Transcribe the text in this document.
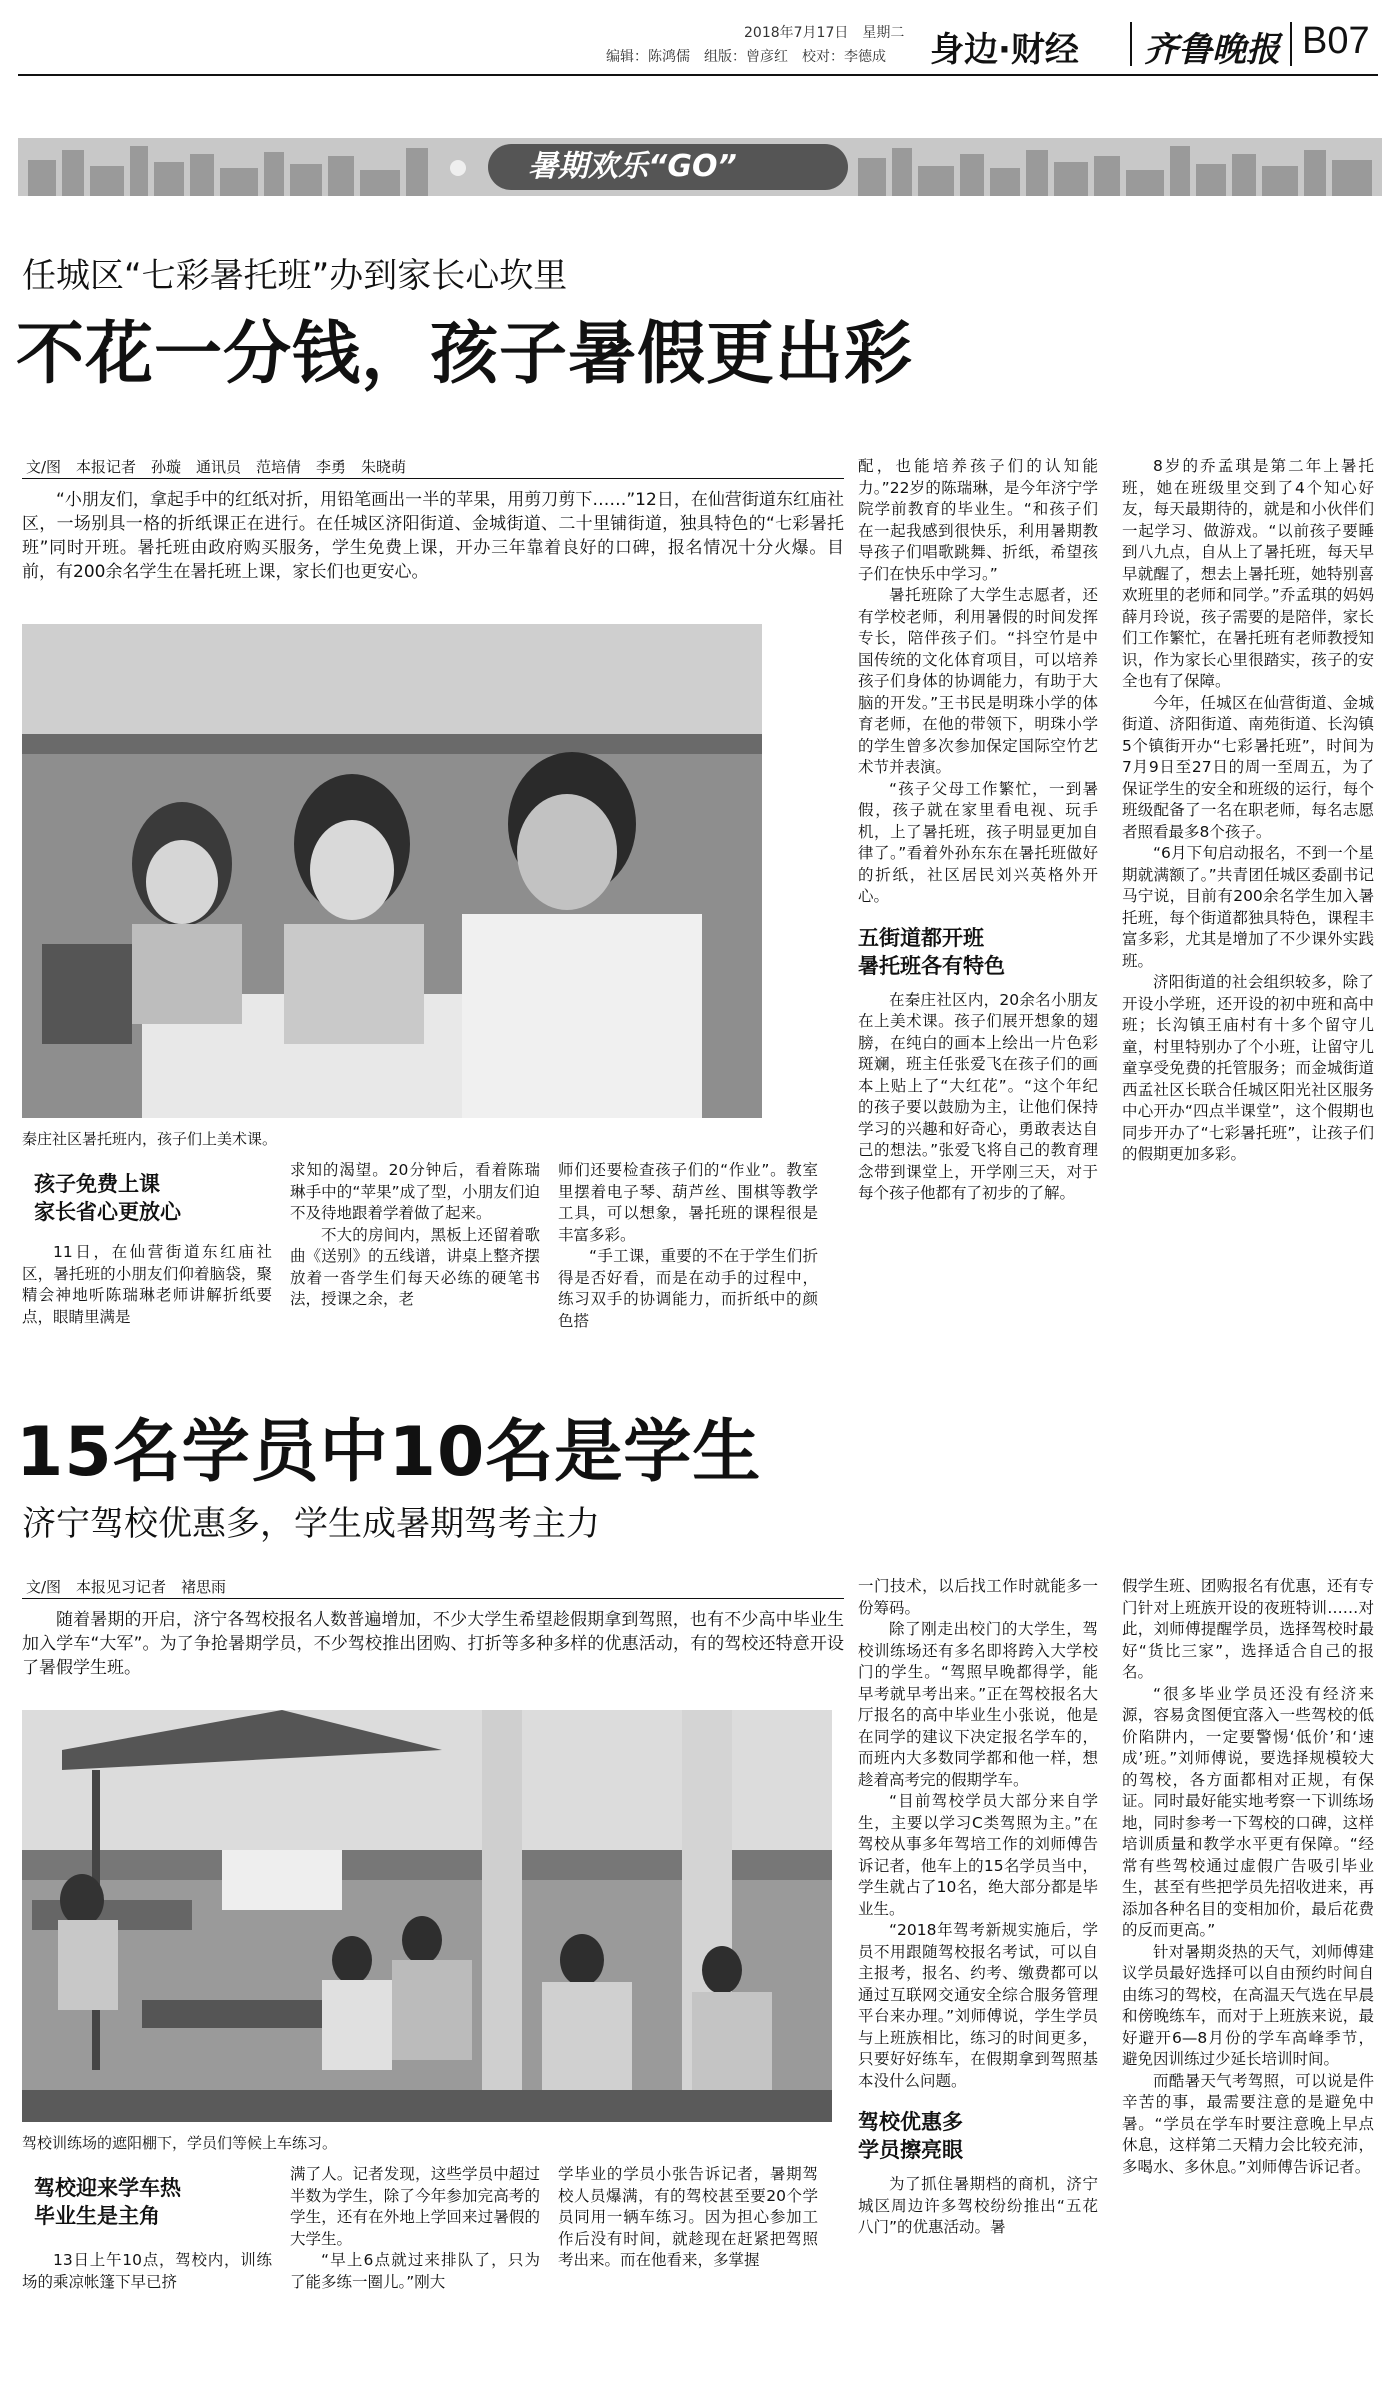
2018年7月17日　 星期二
编辑：陈鸿儒　组版：曾彦红　校对：李德成 身边·财经 齐鲁晚报 B07
暑期欢乐“GO”
任城区“七彩暑托班”办到家长心坎里
不花一分钱，孩子暑假更出彩
文/图　本报记者　孙璇　通讯员　范培倩　李勇　朱晓萌

“小朋友们，拿起手中的红纸对折，用铅笔画出一半的苹果，用剪刀剪下……”12日，在仙营街道东红庙社区，一场别具一格的折纸课正在进行。在任城区济阳街道、金城街道、二十里铺街道，独具特色的“七彩暑托班”同时开班。暑托班由政府购买服务，学生免费上课，开办三年靠着良好的口碑，报名情况十分火爆。目前，有200余名学生在暑托班上课，家长们也更安心。

秦庄社区暑托班内，孩子们上美术课。
孩子免费上课
家长省心更放心

11日，在仙营街道东红庙社区，暑托班的小朋友们仰着脑袋，聚精会神地听陈瑞琳老师讲解折纸要点，眼睛里满是

求知的渴望。20分钟后，看着陈瑞琳手中的“苹果”成了型，小朋友们迫不及待地跟着学着做了起来。

不大的房间内，黑板上还留着歌曲《送别》的五线谱，讲桌上整齐摆放着一沓学生们每天必练的硬笔书法，授课之余，老

师们还要检查孩子们的“作业”。教室里摆着电子琴、葫芦丝、围棋等教学工具，可以想象，暑托班的课程很是丰富多彩。

“手工课，重要的不在于学生们折得是否好看，而是在动手的过程中，练习双手的协调能力，而折纸中的颜色搭

配，也能培养孩子们的认知能力。”22岁的陈瑞琳，是今年济宁学院学前教育的毕业生。“和孩子们在一起我感到很快乐，利用暑期教导孩子们唱歌跳舞、折纸，希望孩子们在快乐中学习。”

暑托班除了大学生志愿者，还有学校老师，利用暑假的时间发挥专长，陪伴孩子们。“抖空竹是中国传统的文化体育项目，可以培养孩子们身体的协调能力，有助于大脑的开发。”王书民是明珠小学的体育老师，在他的带领下，明珠小学的学生曾多次参加保定国际空竹艺术节并表演。

“孩子父母工作繁忙，一到暑假，孩子就在家里看电视、玩手机，上了暑托班，孩子明显更加自律了。”看着外孙东东在暑托班做好的折纸，社区居民刘兴英格外开心。

五街道都开班
暑托班各有特色

在秦庄社区内，20余名小朋友在上美术课。孩子们展开想象的翅膀，在纯白的画本上绘出一片色彩斑斓，班主任张爱飞在孩子们的画本上贴上了“大红花”。“这个年纪的孩子要以鼓励为主，让他们保持学习的兴趣和好奇心，勇敢表达自己的想法。”张爱飞将自己的教育理念带到课堂上，开学刚三天，对于每个孩子他都有了初步的了解。

8岁的乔孟琪是第二年上暑托班，她在班级里交到了4个知心好友，每天最期待的，就是和小伙伴们一起学习、做游戏。“以前孩子要睡到八九点，自从上了暑托班，每天早早就醒了，想去上暑托班，她特别喜欢班里的老师和同学。”乔孟琪的妈妈薛月玲说，孩子需要的是陪伴，家长们工作繁忙，在暑托班有老师教授知识，作为家长心里很踏实，孩子的安全也有了保障。

今年，任城区在仙营街道、金城街道、济阳街道、南苑街道、长沟镇5个镇街开办“七彩暑托班”，时间为7月9日至27日的周一至周五，为了保证学生的安全和班级的运行，每个班级配备了一名在职老师，每名志愿者照看最多8个孩子。

“6月下旬启动报名，不到一个星期就满额了。”共青团任城区委副书记马宁说，目前有200余名学生加入暑托班，每个街道都独具特色，课程丰富多彩，尤其是增加了不少课外实践班。

济阳街道的社会组织较多，除了开设小学班，还开设的初中班和高中班；长沟镇王庙村有十多个留守儿童，村里特别办了个小班，让留守儿童享受免费的托管服务；而金城街道西孟社区长联合任城区阳光社区服务中心开办“四点半课堂”，这个假期也同步开办了“七彩暑托班”，让孩子们的假期更加多彩。

15名学员中10名是学生
济宁驾校优惠多，学生成暑期驾考主力
文/图　本报见习记者　褚思雨

随着暑期的开启，济宁各驾校报名人数普遍增加，不少大学生希望趁假期拿到驾照，也有不少高中毕业生加入学车“大军”。为了争抢暑期学员，不少驾校推出团购、打折等多种多样的优惠活动，有的驾校还特意开设了暑假学生班。

驾校训练场的遮阳棚下，学员们等候上车练习。
驾校迎来学车热
毕业生是主角

13日上午10点，驾校内，训练场的乘凉帐篷下早已挤

满了人。记者发现，这些学员中超过半数为学生，除了今年参加完高考的学生，还有在外地上学回来过暑假的大学生。

“早上6点就过来排队了，只为了能多练一圈儿。”刚大

学毕业的学员小张告诉记者，暑期驾校人员爆满，有的驾校甚至要20个学员同用一辆车练习。因为担心参加工作后没有时间，就趁现在赶紧把驾照考出来。而在他看来，多掌握

一门技术，以后找工作时就能多一份筹码。

除了刚走出校门的大学生，驾校训练场还有多名即将跨入大学校门的学生。“驾照早晚都得学，能早考就早考出来。”正在驾校报名大厅报名的高中毕业生小张说，他是在同学的建议下决定报名学车的，而班内大多数同学都和他一样，想趁着高考完的假期学车。

“目前驾校学员大部分来自学生，主要以学习C类驾照为主。”在驾校从事多年驾培工作的刘师傅告诉记者，他车上的15名学员当中，学生就占了10名，绝大部分都是毕业生。

“2018年驾考新规实施后，学员不用跟随驾校报名考试，可以自主报考，报名、约考、缴费都可以通过互联网交通安全综合服务管理平台来办理。”刘师傅说，学生学员与上班族相比，练习的时间更多，只要好好练车，在假期拿到驾照基本没什么问题。

驾校优惠多
学员擦亮眼

为了抓住暑期档的商机，济宁城区周边许多驾校纷纷推出“五花八门”的优惠活动。暑

假学生班、团购报名有优惠，还有专门针对上班族开设的夜班特训……对此，刘师傅提醒学员，选择驾校时最好“货比三家”，选择适合自己的报名。

“很多毕业学员还没有经济来源，容易贪图便宜落入一些驾校的低价陷阱内，一定要警惕‘低价’和‘速成’班。”刘师傅说，要选择规模较大的驾校，各方面都相对正规，有保证。同时最好能实地考察一下训练场地，同时参考一下驾校的口碑，这样培训质量和教学水平更有保障。“经常有些驾校通过虚假广告吸引毕业生，甚至有些把学员先招收进来，再添加各种名目的变相加价，最后花费的反而更高。”

针对暑期炎热的天气，刘师傅建议学员最好选择可以自由预约时间自由练习的驾校，在高温天气选在早晨和傍晚练车，而对于上班族来说，最好避开6—8月份的学车高峰季节，避免因训练过少延长培训时间。

而酷暑天气考驾照，可以说是件辛苦的事，最需要注意的是避免中暑。“学员在学车时要注意晚上早点休息，这样第二天精力会比较充沛，多喝水、多休息。”刘师傅告诉记者。
